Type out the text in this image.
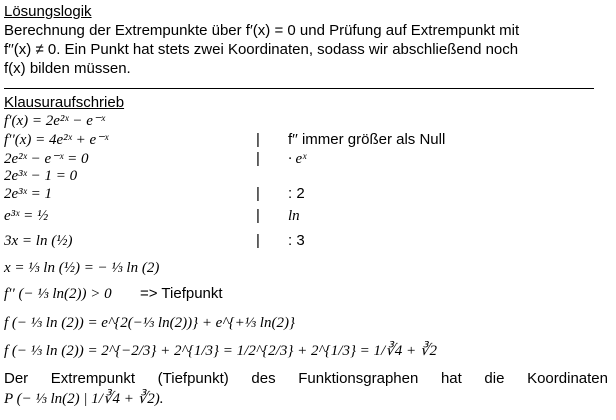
Lösungslogik
Berechnung der Extrempunkte über f′(x) = 0 und Prüfung auf Extrempunkt mit
f′′(x) ≠ 0. Ein Punkt hat stets zwei Koordinaten, sodass wir abschließend noch
f(x) bilden müssen.
Klausuraufschrieb
f′(x) = 2e²ˣ − e⁻ˣ
f′′(x) = 4e²ˣ + e⁻ˣ	| f′′ immer größer als Null
2e²ˣ − e⁻ˣ = 0	| · eˣ
2e³ˣ − 1 = 0
2e³ˣ = 1	| : 2
e³ˣ = ½	| ln
3x = ln (½)	| : 3
x = ⅓ ln (½) = − ⅓ ln (2)
f′′ (− ⅓ ln(2)) > 0 => Tiefpunkt
f (− ⅓ ln (2)) = e^{2(−⅓ ln(2))} + e^{+⅓ ln(2)}
f (− ⅓ ln (2)) = 2^{−2/3} + 2^{1/3} = 1/2^{2/3} + 2^{1/3} = 1/∛4 + ∛2
Der Extrempunkt (Tiefpunkt) des Funktionsgraphen hat die Koordinaten
P (− ⅓ ln(2) | 1/∛4 + ∛2).
